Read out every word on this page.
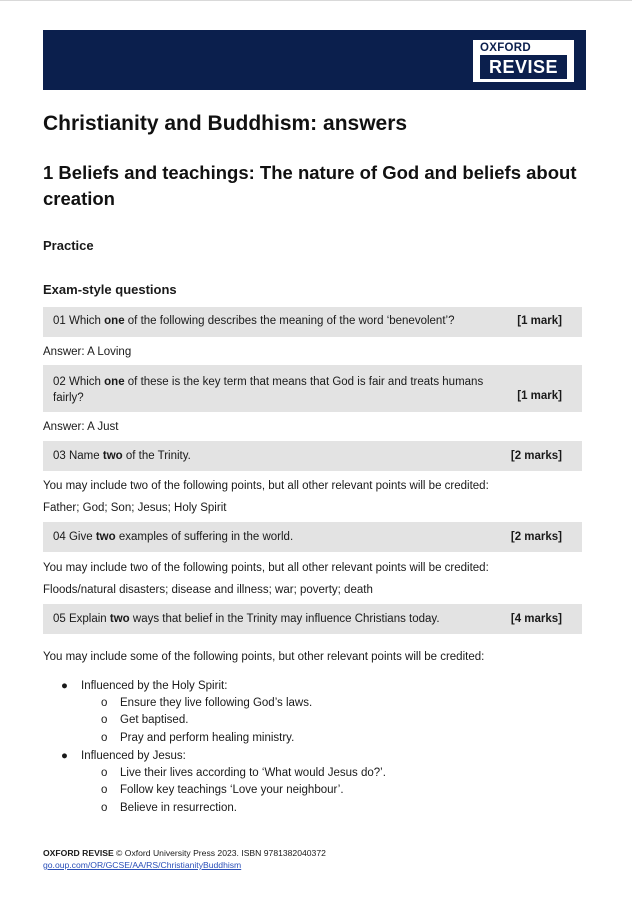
OXFORD
REVISE
Christianity and Buddhism: answers
1 Beliefs and teachings: The nature of God and beliefs about creation
Practice
Exam-style questions
01 Which one of the following describes the meaning of the word ‘benevolent’?	[1 mark]
Answer: A Loving
02 Which one of these is the key term that means that God is fair and treats humans
fairly?	[1 mark]
Answer: A Just
03 Name two of the Trinity.	[2 marks]
You may include two of the following points, but all other relevant points will be credited:
Father; God; Son; Jesus; Holy Spirit
04 Give two examples of suffering in the world.	[2 marks]
You may include two of the following points, but all other relevant points will be credited:
Floods/natural disasters; disease and illness; war; poverty; death
05 Explain two ways that belief in the Trinity may influence Christians today.	[4 marks]
You may include some of the following points, but other relevant points will be credited:
● Influenced by the Holy Spirit:
o Ensure they live following God’s laws.
o Get baptised.
o Pray and perform healing ministry.
● Influenced by Jesus:
o Live their lives according to ‘What would Jesus do?’.
o Follow key teachings ‘Love your neighbour’.
o Believe in resurrection.
OXFORD REVISE © Oxford University Press 2023. ISBN 9781382040372
go.oup.com/OR/GCSE/AA/RS/ChristianityBuddhism
